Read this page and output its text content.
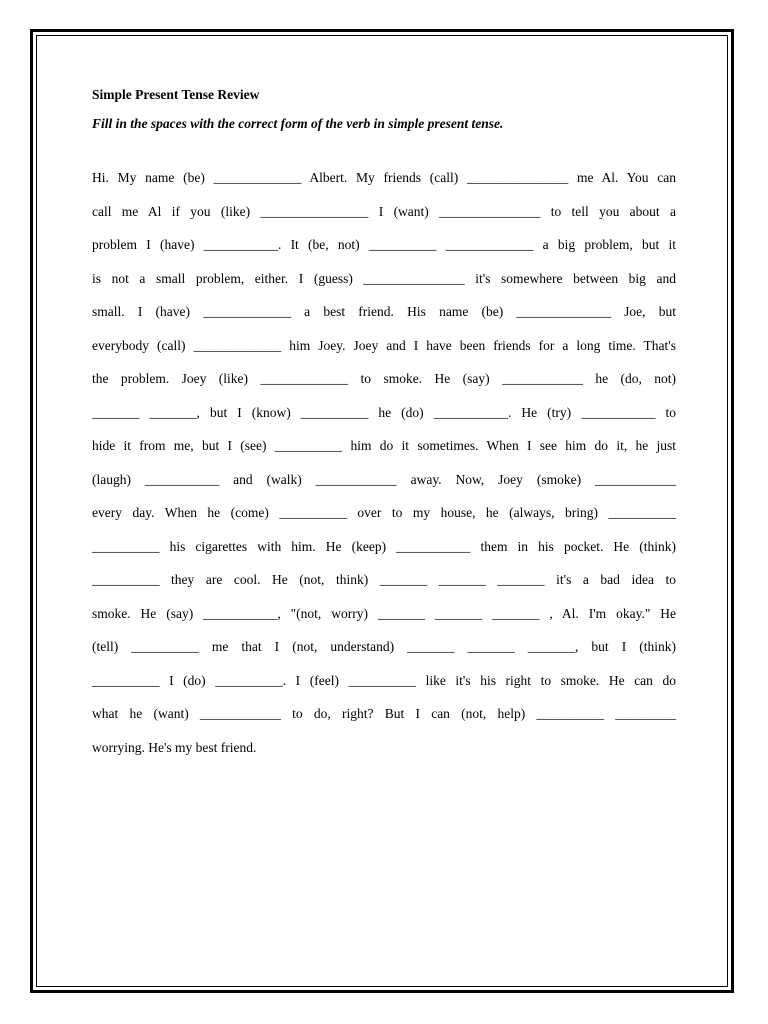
Simple Present Tense Review

Fill in the spaces with the correct form of the verb in simple present tense.

Hi. My name (be) _____________ Albert. My friends (call) _______________ me Al. You can
call me Al if you (like) ________________ I (want) _______________ to tell you about a
problem I (have) ___________. It (be, not) __________ _____________ a big problem, but it
is not a small problem, either. I (guess) _______________ it's somewhere between big and
small. I (have) _____________ a best friend. His name (be) ______________ Joe, but
everybody (call) _____________ him Joey. Joey and I have been friends for a long time. That's
the problem. Joey (like) _____________ to smoke. He (say) ____________ he (do, not)
_______ _______, but I (know) __________ he (do) ___________. He (try) ___________ to
hide it from me, but I (see) __________ him do it sometimes. When I see him do it, he just
(laugh) ___________ and (walk) ____________ away. Now, Joey (smoke) ____________
every day. When he (come) __________ over to my house, he (always, bring) __________
__________ his cigarettes with him. He (keep) ___________ them in his pocket. He (think)
__________ they are cool. He (not, think) _______ _______ _______ it's a bad idea to
smoke. He (say) ___________, "(not, worry) _______ _______ _______ , Al. I'm okay." He
(tell) __________ me that I (not, understand) _______ _______ _______, but I (think)
__________ I (do) __________. I (feel) __________ like it's his right to smoke. He can do
what he (want) ____________ to do, right? But I can (not, help) __________ _________
worrying. He's my best friend.
